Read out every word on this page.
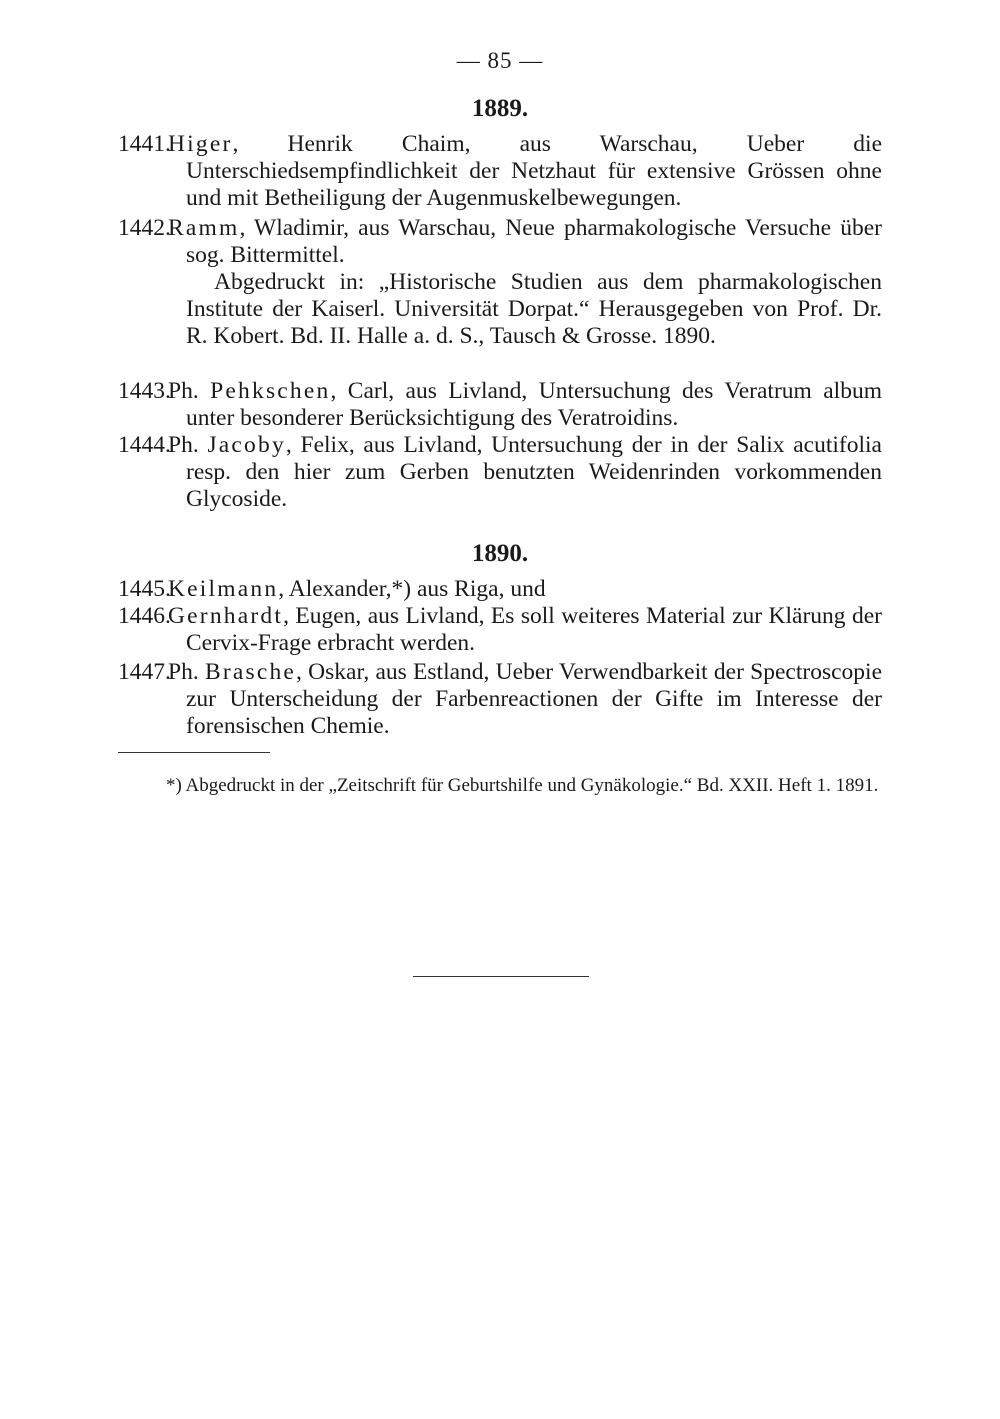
— 85 —
1889.
1441.
Higer, Henrik Chaim, aus Warschau, Ueber die Unterschiedsempfindlichkeit der Netzhaut für extensive Grössen ohne und mit Betheiligung der Augenmuskelbewegungen.
1442.
Ramm, Wladimir, aus Warschau, Neue pharmakologische Versuche über sog. Bittermittel.
Abgedruckt in: „Historische Studien aus dem pharmakologischen Institute der Kaiserl. Universität Dorpat.“ Herausgegeben von Prof. Dr. R. Kobert. Bd. II. Halle a. d. S., Tausch & Grosse. 1890.
1443.
Ph. Pehkschen, Carl, aus Livland, Untersuchung des Veratrum album unter besonderer Berücksichtigung des Veratroidins.
1444.
Ph. Jacoby, Felix, aus Livland, Untersuchung der in der Salix acutifolia resp. den hier zum Gerben benutzten Weidenrinden vorkommenden Glycoside.
1890.
1445.
Keilmann, Alexander,*) aus Riga, und
1446.
Gernhardt, Eugen, aus Livland, Es soll weiteres Material zur Klärung der Cervix-Frage erbracht werden.
1447.
Ph. Brasche, Oskar, aus Estland, Ueber Verwendbarkeit der Spectroscopie zur Unterscheidung der Farbenreactionen der Gifte im Interesse der forensischen Chemie.
*) Abgedruckt in der „Zeitschrift für Geburtshilfe und Gynäkologie.“ Bd. XXII. Heft 1. 1891.
